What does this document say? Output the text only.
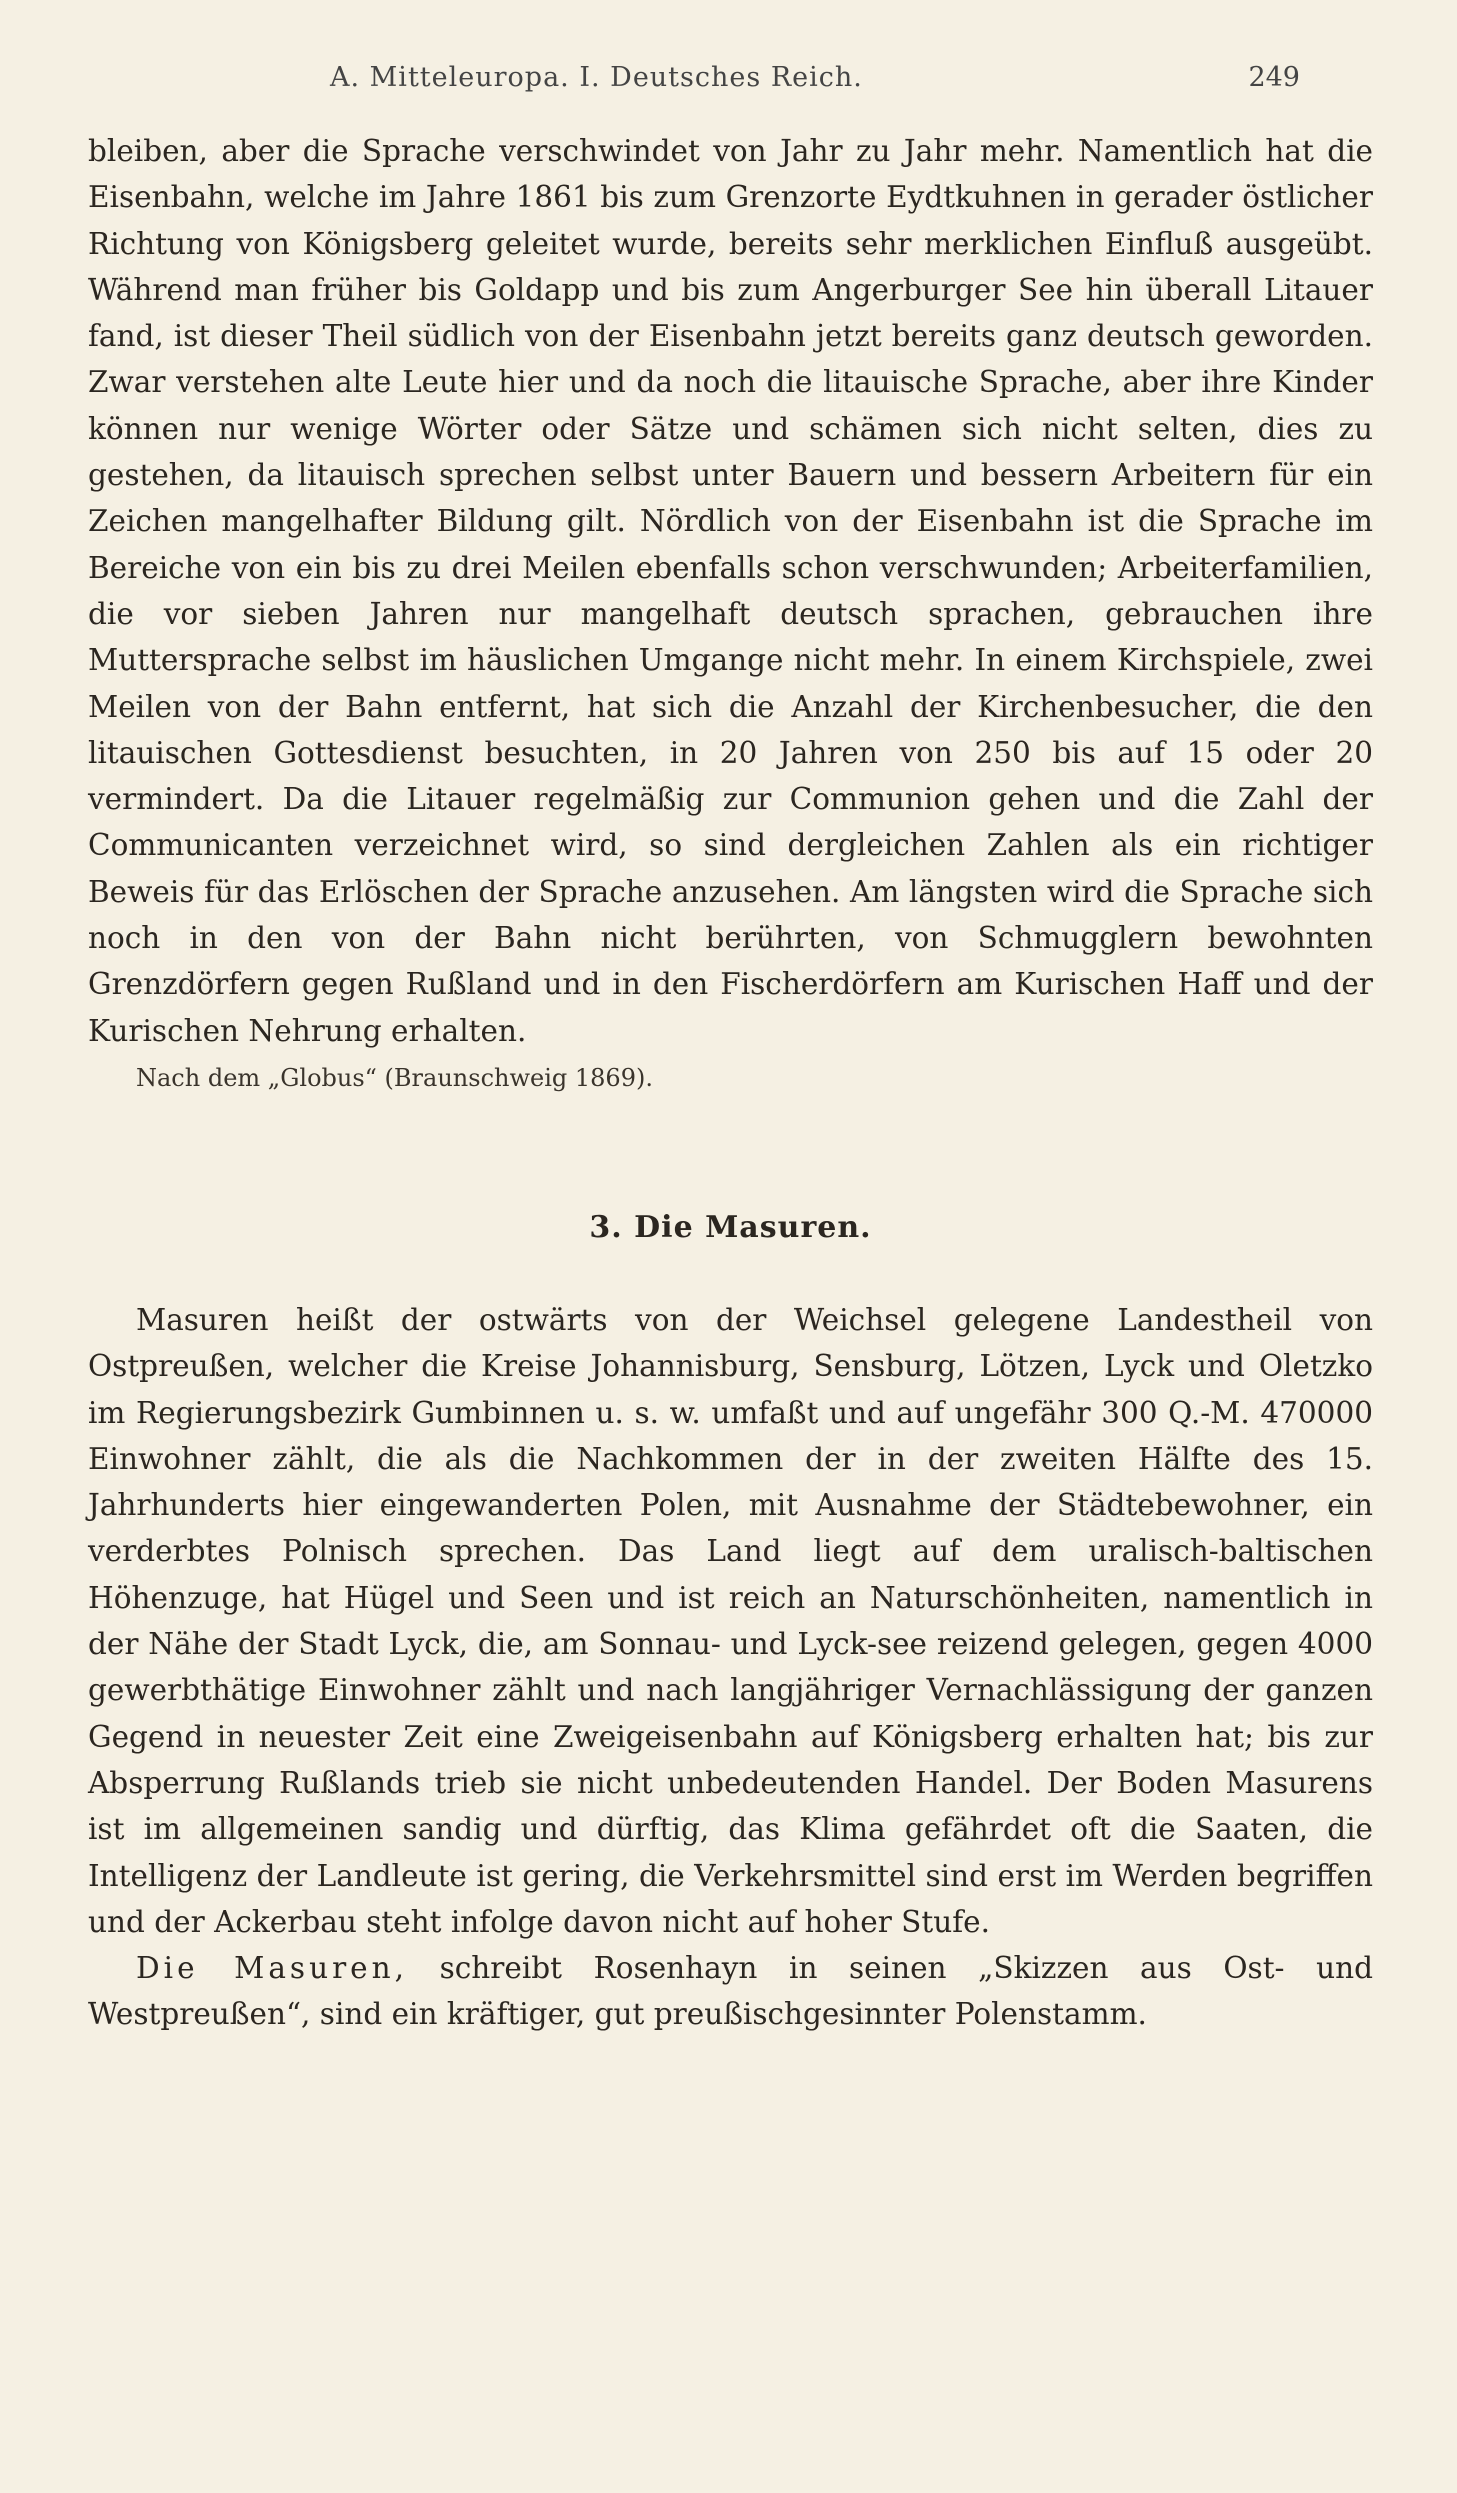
A. Mitteleuropa. I. Deutsches Reich.	249

bleiben, aber die Sprache verschwindet von Jahr zu Jahr mehr. Namentlich hat die Eisenbahn, welche im Jahre 1861 bis zum Grenzorte Eydtkuhnen in gerader östlicher Richtung von Königsberg geleitet wurde, bereits sehr merklichen Einfluß ausgeübt. Während man früher bis Goldapp und bis zum Angerburger See hin überall Litauer fand, ist dieser Theil südlich von der Eisenbahn jetzt bereits ganz deutsch geworden. Zwar verstehen alte Leute hier und da noch die litauische Sprache, aber ihre Kinder können nur wenige Wörter oder Sätze und schämen sich nicht selten, dies zu gestehen, da litauisch sprechen selbst unter Bauern und bessern Arbeitern für ein Zeichen mangelhafter Bildung gilt. Nördlich von der Eisenbahn ist die Sprache im Bereiche von ein bis zu drei Meilen ebenfalls schon verschwunden; Arbeiterfamilien, die vor sieben Jahren nur mangelhaft deutsch sprachen, gebrauchen ihre Muttersprache selbst im häuslichen Umgange nicht mehr. In einem Kirchspiele, zwei Meilen von der Bahn entfernt, hat sich die Anzahl der Kirchenbesucher, die den litauischen Gottesdienst besuchten, in 20 Jahren von 250 bis auf 15 oder 20 vermindert. Da die Litauer regelmäßig zur Communion gehen und die Zahl der Communicanten verzeichnet wird, so sind dergleichen Zahlen als ein richtiger Beweis für das Erlöschen der Sprache anzusehen. Am längsten wird die Sprache sich noch in den von der Bahn nicht berührten, von Schmugglern bewohnten Grenzdörfern gegen Rußland und in den Fischerdörfern am Kurischen Haff und der Kurischen Nehrung erhalten.

Nach dem „Globus“ (Braunschweig 1869).

3. Die Masuren.

Masuren heißt der ostwärts von der Weichsel gelegene Landestheil von Ostpreußen, welcher die Kreise Johannisburg, Sensburg, Lötzen, Lyck und Oletzko im Regierungsbezirk Gumbinnen u. s. w. umfaßt und auf ungefähr 300 Q.-M. 470000 Einwohner zählt, die als die Nachkommen der in der zweiten Hälfte des 15. Jahrhunderts hier eingewanderten Polen, mit Ausnahme der Städtebewohner, ein verderbtes Polnisch sprechen. Das Land liegt auf dem uralisch-baltischen Höhenzuge, hat Hügel und Seen und ist reich an Naturschönheiten, namentlich in der Nähe der Stadt Lyck, die, am Sonnau- und Lyck-see reizend gelegen, gegen 4000 gewerbthätige Einwohner zählt und nach langjähriger Vernachlässigung der ganzen Gegend in neuester Zeit eine Zweigeisenbahn auf Königsberg erhalten hat; bis zur Absperrung Rußlands trieb sie nicht unbedeutenden Handel. Der Boden Masurens ist im allgemeinen sandig und dürftig, das Klima gefährdet oft die Saaten, die Intelligenz der Landleute ist gering, die Verkehrsmittel sind erst im Werden begriffen und der Ackerbau steht infolge davon nicht auf hoher Stufe.

Die Masuren, schreibt Rosenhayn in seinen „Skizzen aus Ost- und Westpreußen“, sind ein kräftiger, gut preußischgesinnter Polenstamm.
